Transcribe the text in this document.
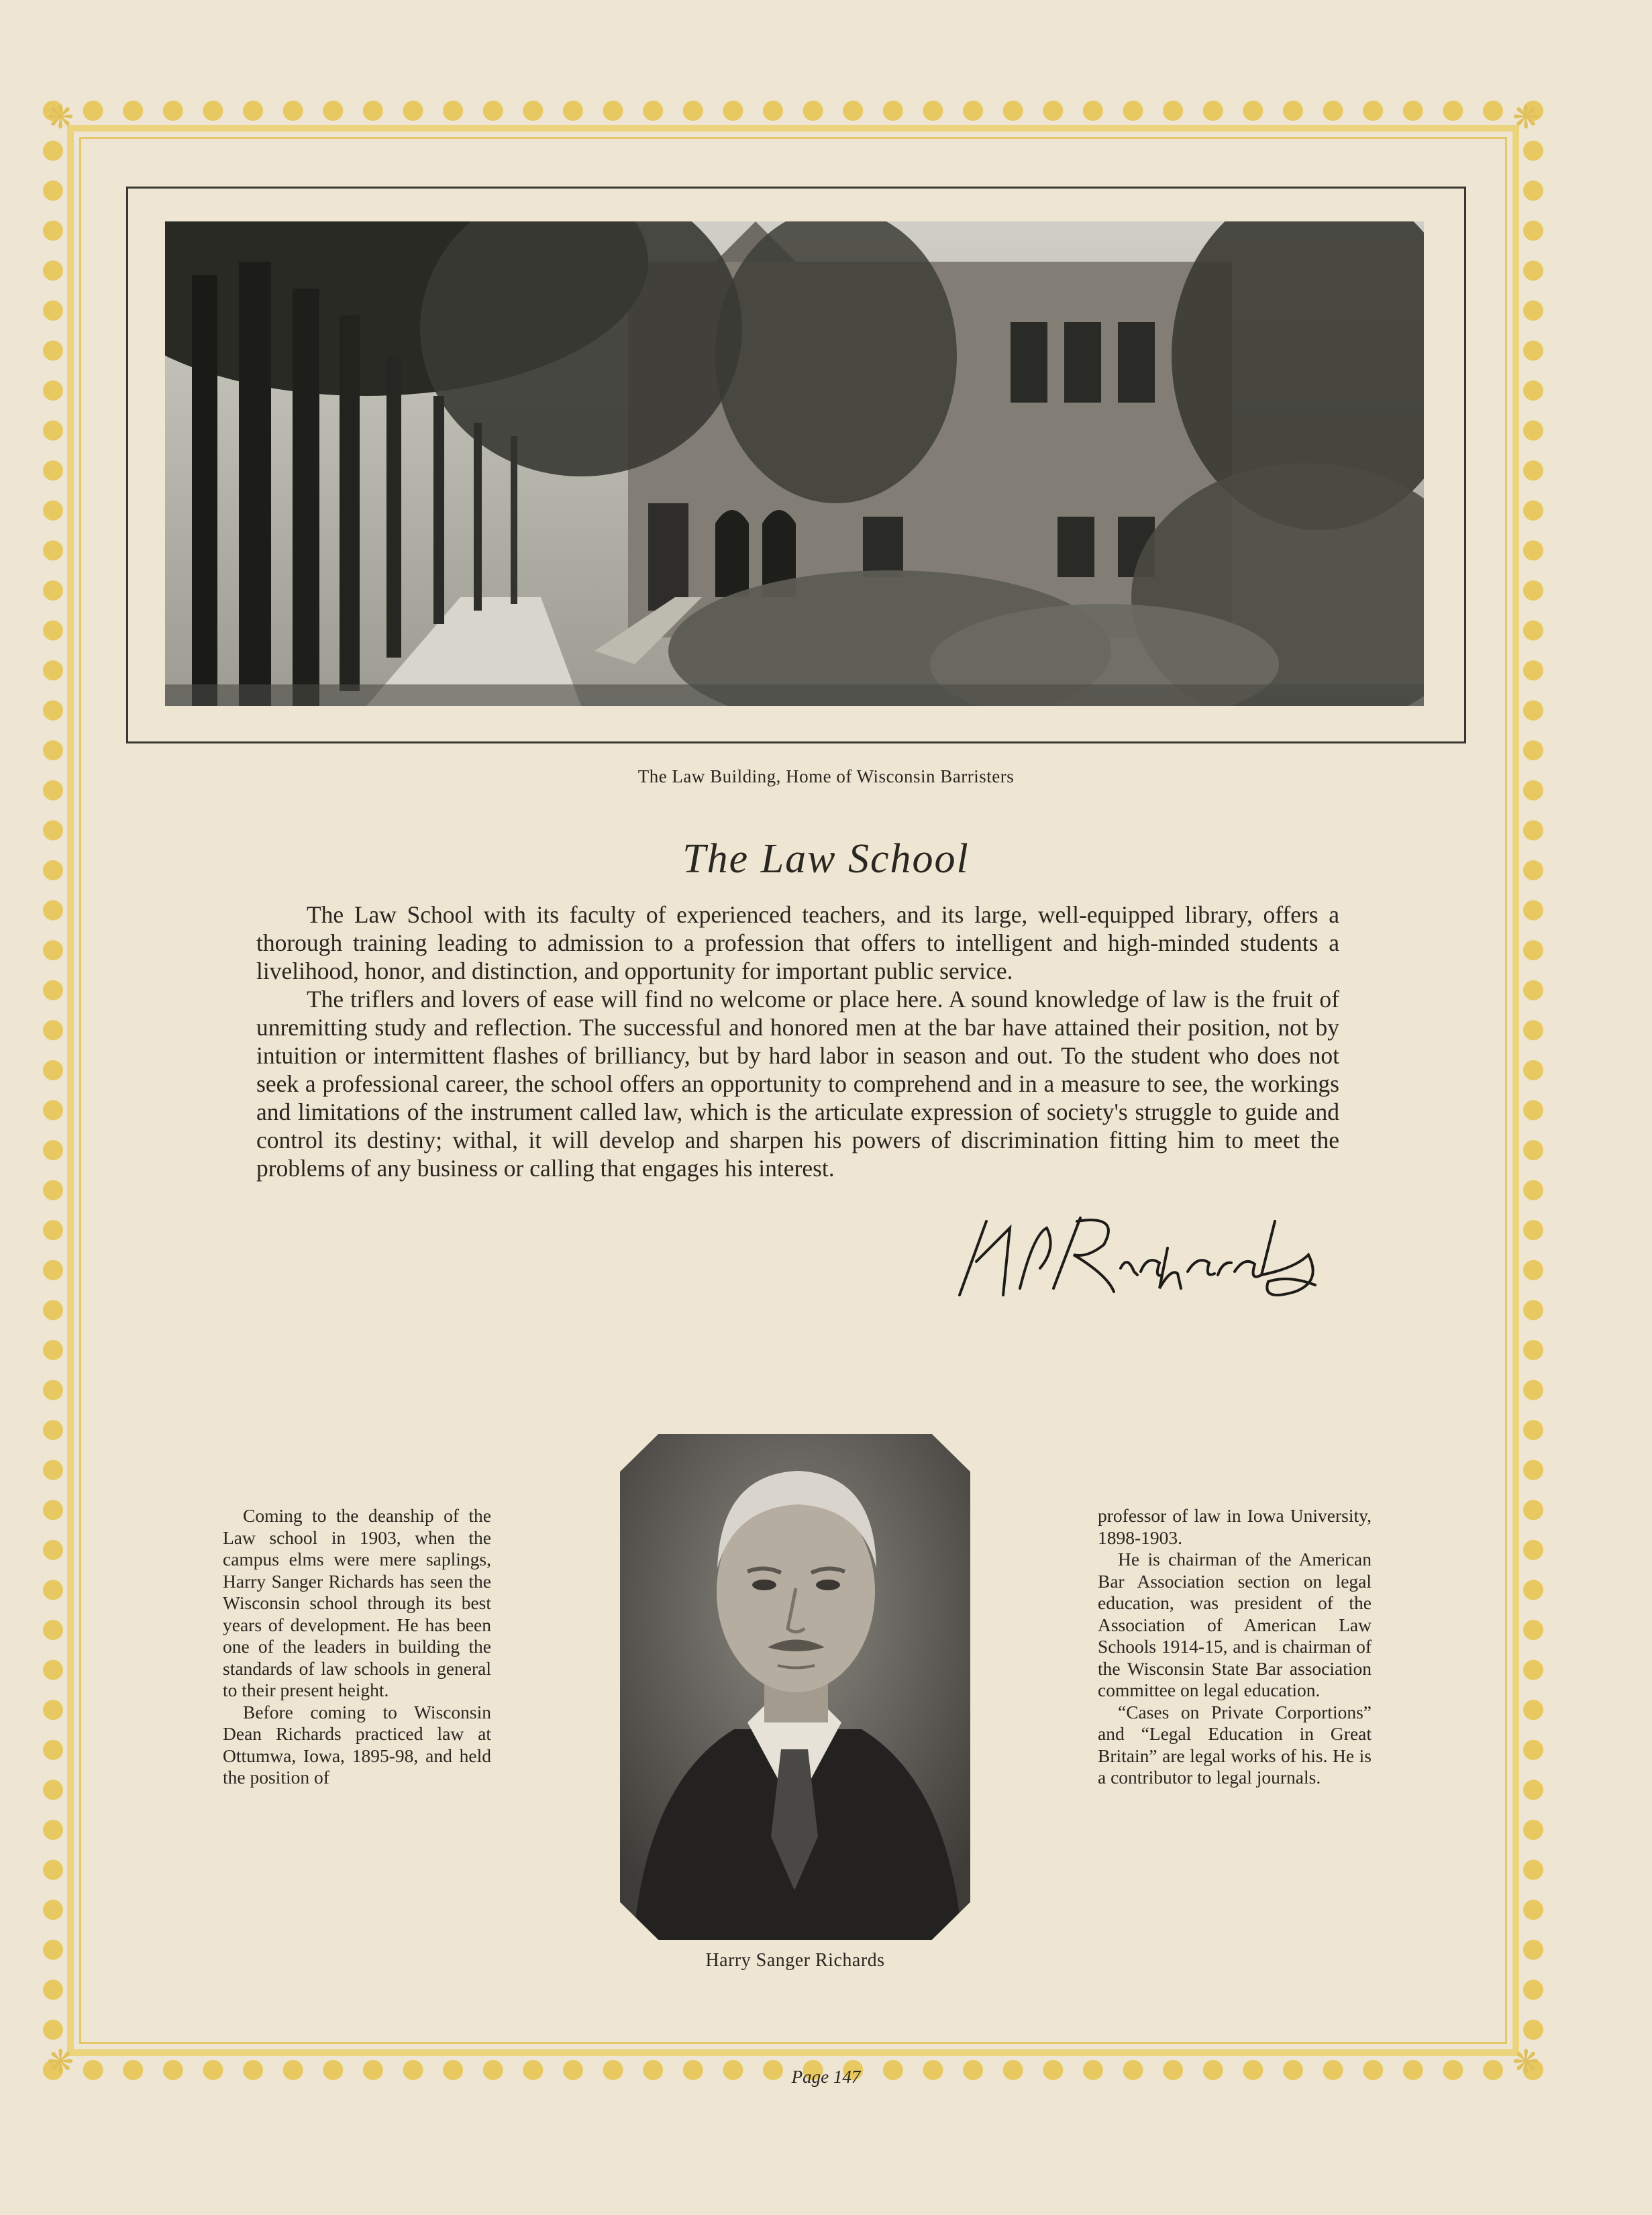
❋	❋
❋	❋
The Law Building, Home of Wisconsin Barristers
The Law School

The Law School with its faculty of experienced teachers, and its large, well-equipped library, offers a thorough training leading to admission to a profession that offers to intelligent and high-minded students a livelihood, honor, and distinction, and opportunity for important public service.

The triflers and lovers of ease will find no welcome or place here. A sound knowledge of law is the fruit of unremitting study and reflection. The successful and honored men at the bar have attained their position, not by intuition or intermittent flashes of brilliancy, but by hard labor in season and out. To the student who does not seek a professional career, the school offers an opportunity to comprehend and in a measure to see, the workings and limitations of the instrument called law, which is the articulate expression of society's struggle to guide and control its destiny; withal, it will develop and sharpen his powers of discrimination fitting him to meet the problems of any business or calling that engages his interest.

Coming to the deanship of the Law school in 1903, when the campus elms were mere saplings, Harry Sanger Richards has seen the Wisconsin school through its best years of development. He has been one of the leaders in building the standards of law schools in general to their present height.

Before coming to Wisconsin Dean Richards practiced law at Ottumwa, Iowa, 1895-98, and held the position of

Harry Sanger Richards

professor of law in Iowa University, 1898-1903.

He is chairman of the American Bar Association section on legal education, was president of the Association of American Law Schools 1914-15, and is chairman of the Wisconsin State Bar association committee on legal education.

“Cases on Private Corportions” and “Legal Education in Great Britain” are legal works of his. He is a contributor to legal journals.

Page 147
